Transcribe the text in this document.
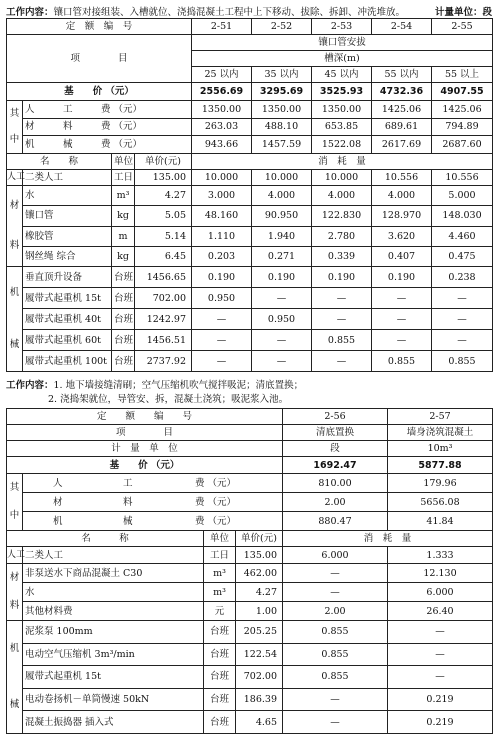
工作内容：镶口管对接组装、入槽就位、浇捣混凝土工程中上下移动、拔除、拆卸、冲洗堆放。	计量单位：段
定　额　编　号				2-51	2-52	2-53	2-54	2-55
项　　　　目				镶口管安拔				
				槽深(m)				
				25 以内	35 以内	45 以内	55 以内	55 以上
基　　价 （元）				2556.69	3295.69	3525.93	4732.36	4907.55
其
中	人　　　工　　　费 （元）			1350.00	1350.00	1350.00	1425.06	1425.06
	材　　　料　　　费 （元）			263.03	488.10	653.85	689.61	794.89
	机　　　械　　　费 （元）			943.66	1457.59	1522.08	2617.69	2687.60
名　　称		单位	单价(元)	消　耗　量				
人工	二类人工	工日	135.00	10.000	10.000	10.000	10.556	10.556
材
料	水	m³	4.27	3.000	4.000	4.000	4.000	5.000
	镶口管	kg	5.05	48.160	90.950	122.830	128.970	148.030
	橡胶管	m	5.14	1.110	1.940	2.780	3.620	4.460
	钢丝绳 综合	kg	6.45	0.203	0.271	0.339	0.407	0.475
机
械	垂直顶升设备	台班	1456.65	0.190	0.190	0.190	0.190	0.238
	履带式起重机 15t	台班	702.00	0.950	—	—	—	—
	履带式起重机 40t	台班	1242.97	—	0.950	—	—	—
	履带式起重机 60t	台班	1456.51	—	—	0.855	—	—
	履带式起重机 100t	台班	2737.92	—	—	—	0.855	0.855
工作内容：1. 地下墙接缝清刷；空气压缩机吹气搅拌吸泥；清底置换；
2. 浇捣架就位，导管安、拆，混凝土浇筑；吸泥浆入池。
定　　额　　编　　号				2-56	2-57
项　　　　目				清底置换	墙身浇筑混凝土
计　量　单　位				段	10m³
基　　价 （元）				1692.47	5877.88
其
中	人 工 费 （元）			810.00	179.96
	材 料 费 （元）			2.00	5656.08
	机 械 费 （元）			880.47	41.84
名　　　称		单位	单价(元)	消　耗　量	
人工	二类人工	工日	135.00	6.000	1.333
材
料	非泵送水下商品混凝土 C30	m³	462.00	—	12.130
	水	m³	4.27	—	6.000
	其他材料费	元	1.00	2.00	26.40
机
械	泥浆泵 100mm	台班	205.25	0.855	—
	电动空气压缩机 3m³/min	台班	122.54	0.855	—
	履带式起重机 15t	台班	702.00	0.855	—
	电动卷扬机－单筒慢速 50kN	台班	186.39	—	0.219
	混凝土振捣器 插入式	台班	4.65	—	0.219
